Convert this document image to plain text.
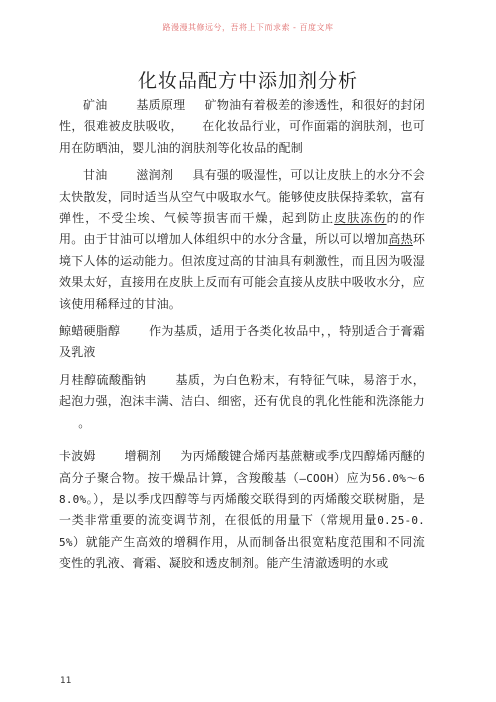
路漫漫其修远兮，吾将上下而求索 - 百度文库
化妆品配方中添加剂分析

矿油 基质原理 矿物油有着极差的渗透性，和很好的封闭性，很难被皮肤吸收， 在化妆品行业，可作面霜的润肤剂，也可用在防晒油，婴儿油的润肤剂等化妆品的配制

甘油 滋润剂 具有强的吸湿性，可以让皮肤上的水分不会太快散发，同时适当从空气中吸取水气。能够使皮肤保持柔软，富有弹性，不受尘埃、气候等损害而干燥，起到防止皮肤冻伤的的作用。由于甘油可以增加人体组织中的水分含量，所以可以增加高热环境下人体的运动能力。但浓度过高的甘油具有刺激性，而且因为吸湿效果太好，直接用在皮肤上反而有可能会直接从皮肤中吸收水分，应该使用稀释过的甘油。

鲸蜡硬脂醇 作为基质，适用于各类化妆品中，，特别适合于膏霜及乳液

月桂醇硫酸酯钠 基质，为白色粉末，有特征气味，易溶于水，起泡力强，泡沫丰满、洁白、细密，还有优良的乳化性能和洗涤能力。

卡波姆 增稠剂 为丙烯酸键合烯丙基蔗糖或季戊四醇烯丙醚的高分子聚合物。按干燥品计算，含羧酸基（—COOH）应为56.0%～68.0%。），是以季戊四醇等与丙烯酸交联得到的丙烯酸交联树脂，是一类非常重要的流变调节剂，在很低的用量下（常规用量0.25-0.5%）就能产生高效的增稠作用，从而制备出很宽粘度范围和不同流变性的乳液、膏霜、凝胶和透皮制剂。能产生清澈透明的水或

11
